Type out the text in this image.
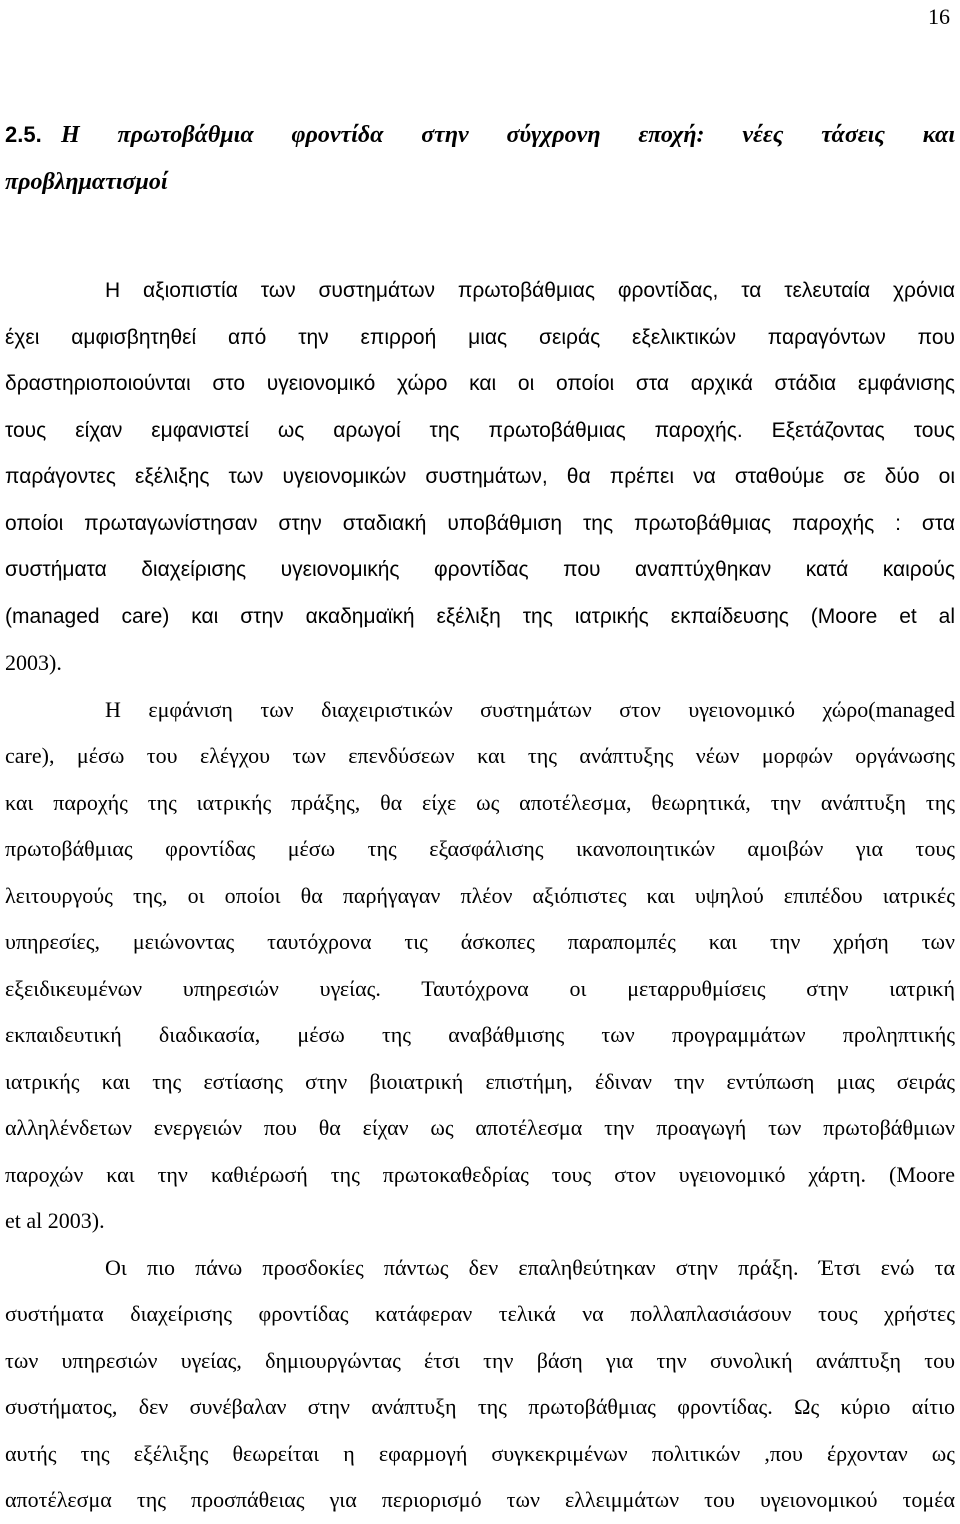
16
2.5. Η πρωτοβάθμια φροντίδα στην σύγχρονη εποχή: νέες τάσεις και
προβληματισμοί
Η αξιοπιστία των συστημάτων πρωτοβάθμιας φροντίδας, τα τελευταία χρόνια
έχει αμφισβητηθεί από την επιρροή μιας σειράς εξελικτικών παραγόντων που
δραστηριοποιούνται στο υγειονομικό χώρο και οι οποίοι στα αρχικά στάδια εμφάνισης
τους είχαν εμφανιστεί ως αρωγοί της πρωτοβάθμιας παροχής. Εξετάζοντας τους
παράγοντες εξέλιξης των υγειονομικών συστημάτων, θα πρέπει να σταθούμε σε δύο οι
οποίοι πρωταγωνίστησαν στην σταδιακή υποβάθμιση της πρωτοβάθμιας παροχής : στα
συστήματα διαχείρισης υγειονομικής φροντίδας που αναπτύχθηκαν κατά καιρούς
(managed care) και στην ακαδημαϊκή εξέλιξη της ιατρικής εκπαίδευσης (Moore et al
2003).
Η εμφάνιση των διαχειριστικών συστημάτων στον υγειονομικό χώρο(managed
care), μέσω του ελέγχου των επενδύσεων και της ανάπτυξης νέων μορφών οργάνωσης
και παροχής της ιατρικής πράξης, θα είχε ως αποτέλεσμα, θεωρητικά, την ανάπτυξη της
πρωτοβάθμιας φροντίδας μέσω της εξασφάλισης ικανοποιητικών αμοιβών για τους
λειτουργούς της, οι οποίοι θα παρήγαγαν πλέον αξιόπιστες και υψηλού επιπέδου ιατρικές
υπηρεσίες, μειώνοντας ταυτόχρονα τις άσκοπες παραπομπές και την χρήση των
εξειδικευμένων υπηρεσιών υγείας. Ταυτόχρονα οι μεταρρυθμίσεις στην ιατρική
εκπαιδευτική διαδικασία, μέσω της αναβάθμισης των προγραμμάτων προληπτικής
ιατρικής και της εστίασης στην βιοιατρική επιστήμη, έδιναν την εντύπωση μιας σειράς
αλληλένδετων ενεργειών που θα είχαν ως αποτέλεσμα την προαγωγή των πρωτοβάθμιων
παροχών και την καθιέρωσή της πρωτοκαθεδρίας τους στον υγειονομικό χάρτη. (Moore
et al 2003).
Οι πιο πάνω προσδοκίες πάντως δεν επαληθεύτηκαν στην πράξη. Έτσι ενώ τα
συστήματα διαχείρισης φροντίδας κατάφεραν τελικά να πολλαπλασιάσουν τους χρήστες
των υπηρεσιών υγείας, δημιουργώντας έτσι την βάση για την συνολική ανάπτυξη του
συστήματος, δεν συνέβαλαν στην ανάπτυξη της πρωτοβάθμιας φροντίδας. Ως κύριο αίτιο
αυτής της εξέλιξης θεωρείται η εφαρμογή συγκεκριμένων πολιτικών ,που έρχονταν ως
αποτέλεσμα της προσπάθειας για περιορισμό των ελλειμμάτων του υγειονομικού τομέα
